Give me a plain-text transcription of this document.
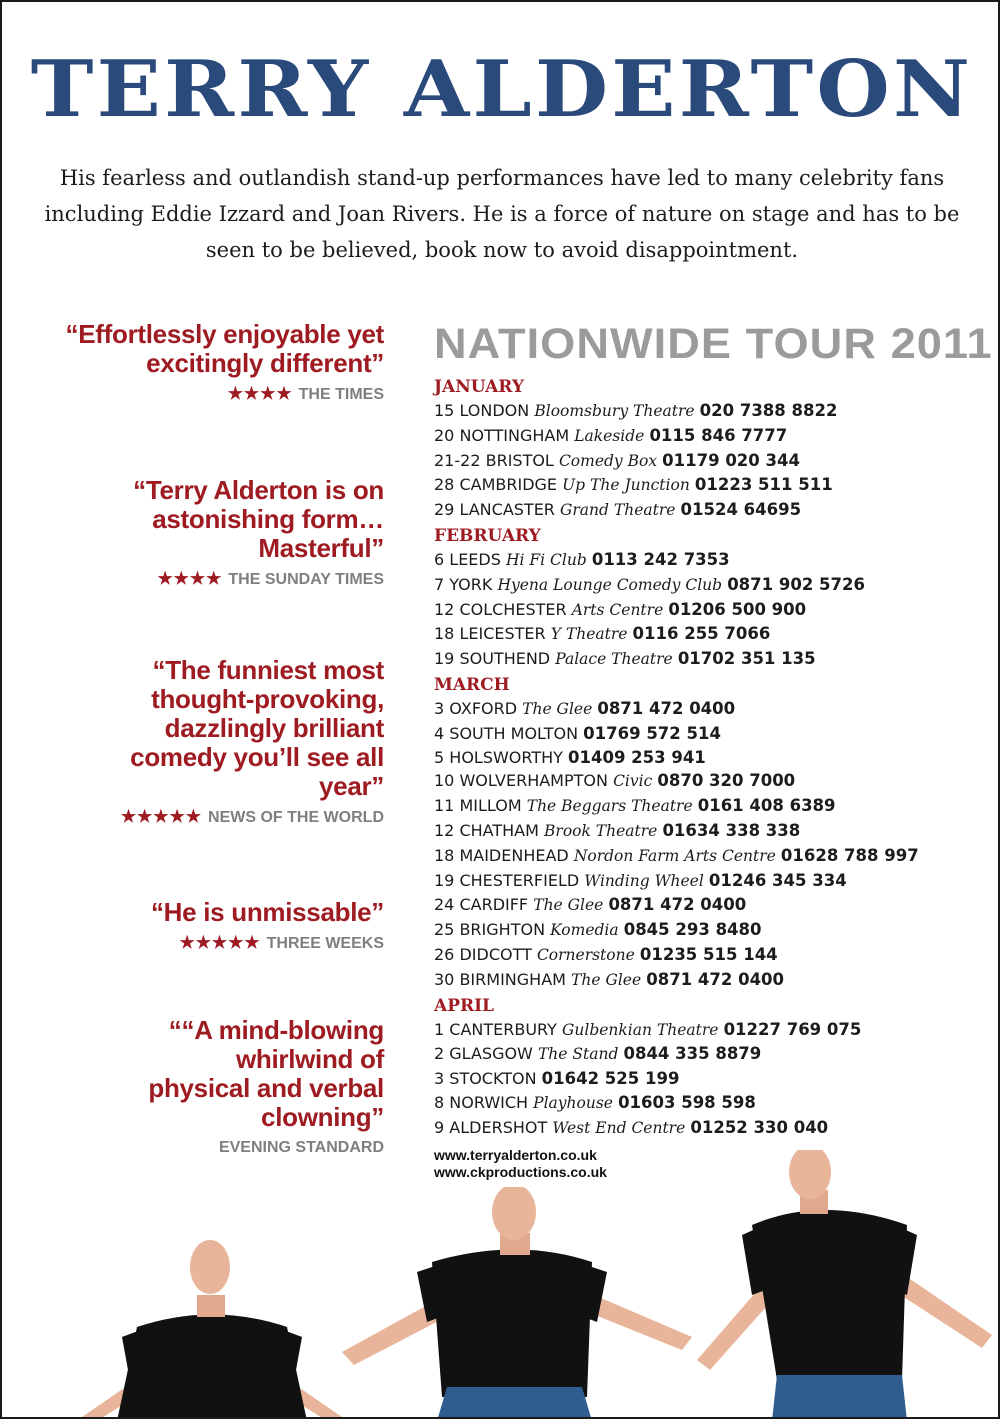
TERRY ALDERTON
His fearless and outlandish stand-up performances have led to many celebrity fans including Eddie Izzard and Joan Rivers. He is a force of nature on stage and has to be seen to be believed, book now to avoid disappointment.
“Effortlessly enjoyable yet excitingly different”
★★★★ THE TIMES
“Terry Alderton is on astonishing form… Masterful”
★★★★ THE SUNDAY TIMES
“The funniest most thought-provoking, dazzlingly brilliant comedy you’ll see all year”
★★★★★ NEWS OF THE WORLD
“He is unmissable”
★★★★★ THREE WEEKS
““A mind-blowing whirlwind of physical and verbal clowning”
EVENING STANDARD
NATIONWIDE TOUR 2011
JANUARY
15 LONDON Bloomsbury Theatre 020 7388 8822
20 NOTTINGHAM Lakeside 0115 846 7777
21-22 BRISTOL Comedy Box 01179 020 344
28 CAMBRIDGE Up The Junction 01223 511 511
29 LANCASTER Grand Theatre 01524 64695
FEBRUARY
6 LEEDS Hi Fi Club 0113 242 7353
7 YORK Hyena Lounge Comedy Club 0871 902 5726
12 COLCHESTER Arts Centre 01206 500 900
18 LEICESTER Y Theatre 0116 255 7066
19 SOUTHEND Palace Theatre 01702 351 135
MARCH
3 OXFORD The Glee 0871 472 0400
4 SOUTH MOLTON 01769 572 514
5 HOLSWORTHY 01409 253 941
10 WOLVERHAMPTON Civic 0870 320 7000
11 MILLOM The Beggars Theatre 0161 408 6389
12 CHATHAM Brook Theatre 01634 338 338
18 MAIDENHEAD Nordon Farm Arts Centre 01628 788 997
19 CHESTERFIELD Winding Wheel 01246 345 334
24 CARDIFF The Glee 0871 472 0400
25 BRIGHTON Komedia 0845 293 8480
26 DIDCOTT Cornerstone 01235 515 144
30 BIRMINGHAM The Glee 0871 472 0400
APRIL
1 CANTERBURY Gulbenkian Theatre 01227 769 075
2 GLASGOW The Stand 0844 335 8879
3 STOCKTON 01642 525 199
8 NORWICH Playhouse 01603 598 598
9 ALDERSHOT West End Centre 01252 330 040
www.terryalderton.co.uk
www.ckproductions.co.uk
